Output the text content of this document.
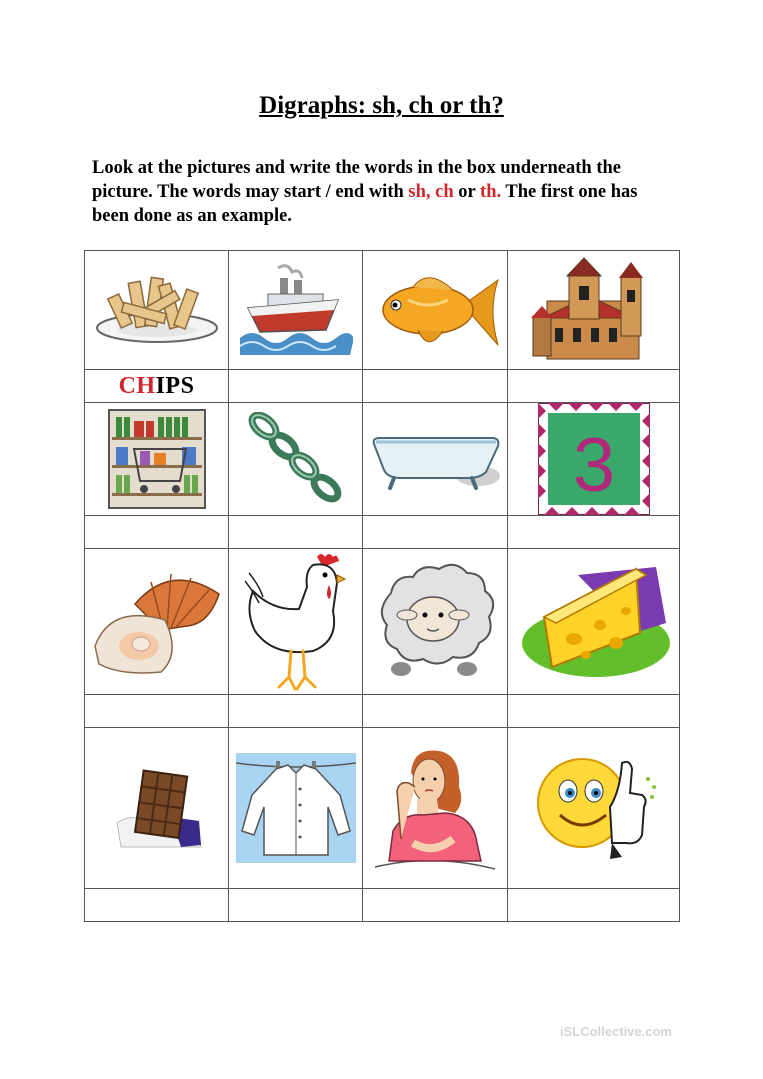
Digraphs: sh, ch or th?
Look at the pictures and write the words in the box underneath the picture. The words may start / end with sh, ch or th. The first one has been done as an example.

CHIPS			

3

iSLCollective.com
